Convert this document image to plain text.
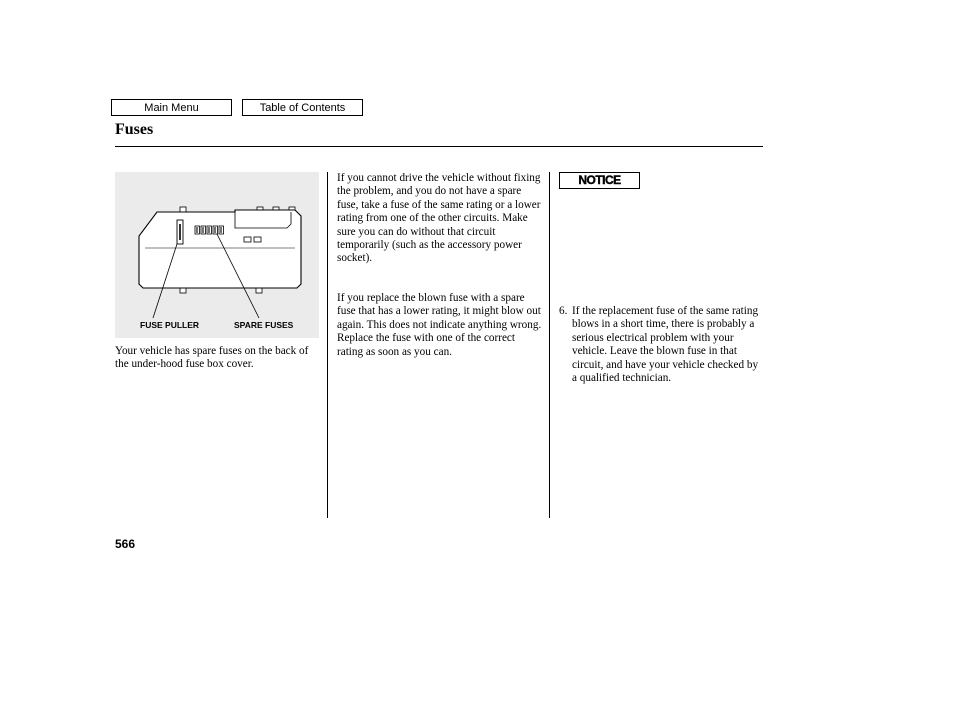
Main Menu	Table of Contents
Fuses
FUSE PULLER	SPARE FUSES

Your vehicle has spare fuses on the back of the under-hood fuse box cover.

If you cannot drive the vehicle without fixing the problem, and you do not have a spare fuse, take a fuse of the same rating or a lower rating from one of the other circuits. Make sure you can do without that circuit temporarily (such as the accessory power socket).

If you replace the blown fuse with a spare fuse that has a lower rating, it might blow out again. This does not indicate anything wrong. Replace the fuse with one of the correct rating as soon as you can.

NOTICE
6. If the replacement fuse of the same rating blows in a short time, there is probably a serious electrical problem with your vehicle. Leave the blown fuse in that circuit, and have your vehicle checked by a qualified technician.
566
